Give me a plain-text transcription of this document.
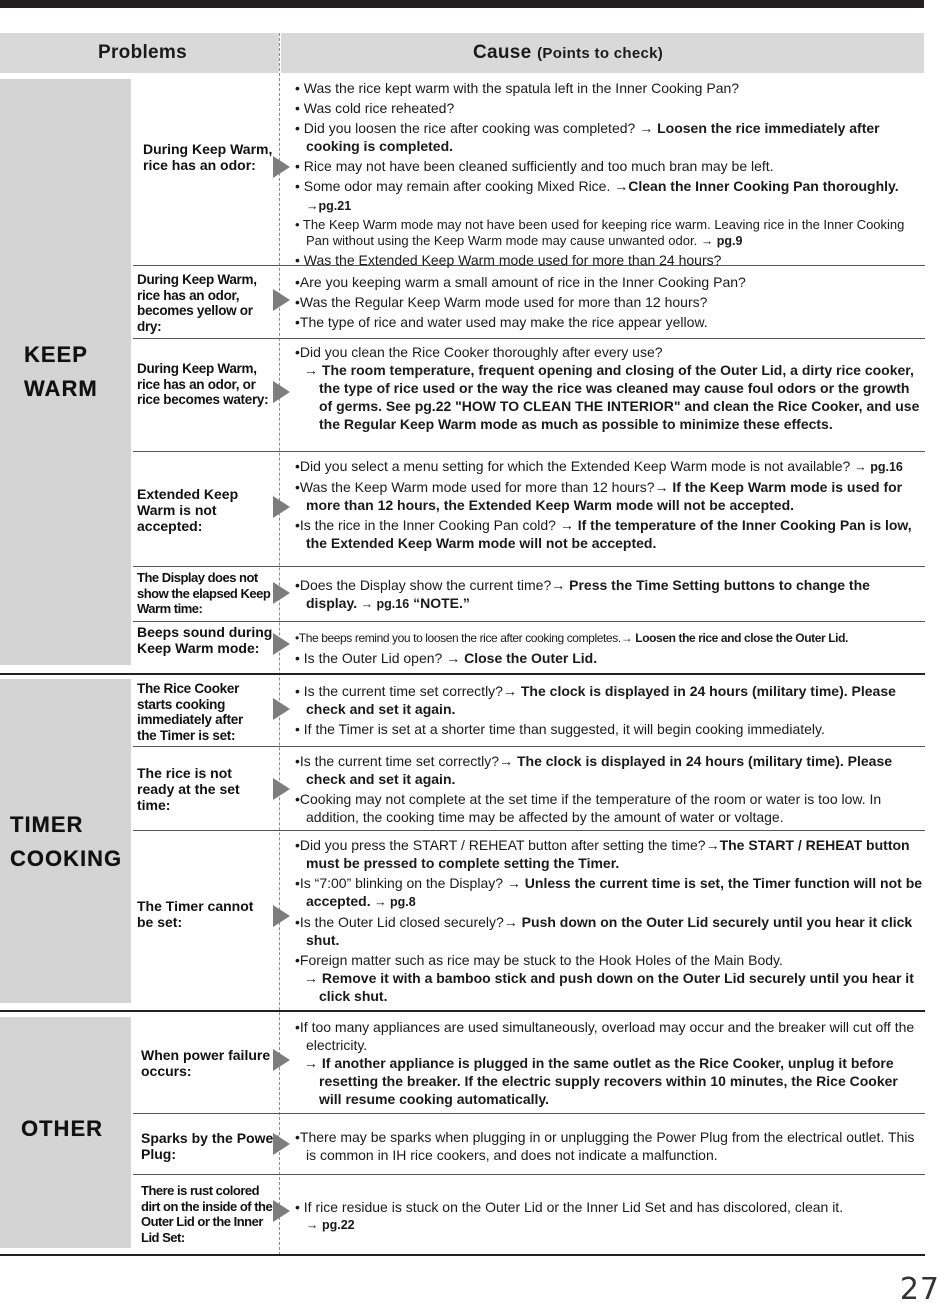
Problems	Cause (Points to check)
KEEP
WARM
TIMER
COOKING
OTHER
During Keep Warm, rice has an odor:

• Was the rice kept warm with the spatula left in the Inner Cooking Pan?

• Was cold rice reheated?

• Did you loosen the rice after cooking was completed? → Loosen the rice immediately after cooking is completed.

• Rice may not have been cleaned sufficiently and too much bran may be left.

• Some odor may remain after cooking Mixed Rice. →Clean the Inner Cooking Pan thoroughly. →pg.21

• The Keep Warm mode may not have been used for keeping rice warm. Leaving rice in the Inner Cooking Pan without using the Keep Warm mode may cause unwanted odor. → pg.9

• Was the Extended Keep Warm mode used for more than 24 hours?

During Keep Warm, rice has an odor, becomes yellow or dry:

•Are you keeping warm a small amount of rice in the Inner Cooking Pan?

•Was the Regular Keep Warm mode used for more than 12 hours?

•The type of rice and water used may make the rice appear yellow.

During Keep Warm, rice has an odor, or rice becomes watery:

•Did you clean the Rice Cooker thoroughly after every use?

→ The room temperature, frequent opening and closing of the Outer Lid, a dirty rice cooker, the type of rice used or the way the rice was cleaned may cause foul odors or the growth of germs. See pg.22 "HOW TO CLEAN THE INTERIOR" and clean the Rice Cooker, and use the Regular Keep Warm mode as much as possible to minimize these effects.

Extended Keep Warm is not accepted:

•Did you select a menu setting for which the Extended Keep Warm mode is not available? → pg.16

•Was the Keep Warm mode used for more than 12 hours?→ If the Keep Warm mode is used for more than 12 hours, the Extended Keep Warm mode will not be accepted.

•Is the rice in the Inner Cooking Pan cold? → If the temperature of the Inner Cooking Pan is low, the Extended Keep Warm mode will not be accepted.

The Display does not show the elapsed Keep Warm time:

•Does the Display show the current time?→ Press the Time Setting buttons to change the display. → pg.16 “NOTE.”

Beeps sound during Keep Warm mode:

•The beeps remind you to loosen the rice after cooking completes.→ Loosen the rice and close the Outer Lid.

• Is the Outer Lid open? → Close the Outer Lid.

The Rice Cooker starts cooking immediately after the Timer is set:

• Is the current time set correctly?→ The clock is displayed in 24 hours (military time). Please check and set it again.

• If the Timer is set at a shorter time than suggested, it will begin cooking immediately.

The rice is not ready at the set time:

•Is the current time set correctly?→ The clock is displayed in 24 hours (military time). Please check and set it again.

•Cooking may not complete at the set time if the temperature of the room or water is too low. In addition, the cooking time may be affected by the amount of water or voltage.

The Timer cannot be set:

•Did you press the START / REHEAT button after setting the time?→The START / REHEAT button must be pressed to complete setting the Timer.

•Is “7:00” blinking on the Display? → Unless the current time is set, the Timer function will not be accepted. → pg.8

•Is the Outer Lid closed securely?→ Push down on the Outer Lid securely until you hear it click shut.

•Foreign matter such as rice may be stuck to the Hook Holes of the Main Body.

→ Remove it with a bamboo stick and push down on the Outer Lid securely until you hear it click shut.

When power failure occurs:

•If too many appliances are used simultaneously, overload may occur and the breaker will cut off the electricity.

→ If another appliance is plugged in the same outlet as the Rice Cooker, unplug it before resetting the breaker. If the electric supply recovers within 10 minutes, the Rice Cooker will resume cooking automatically.

Sparks by the Power Plug:

•There may be sparks when plugging in or unplugging the Power Plug from the electrical outlet. This is common in IH rice cookers, and does not indicate a malfunction.

There is rust colored dirt on the inside of the Outer Lid or the Inner Lid Set:

• If rice residue is stuck on the Outer Lid or the Inner Lid Set and has discolored, clean it.

→ pg.22

27
